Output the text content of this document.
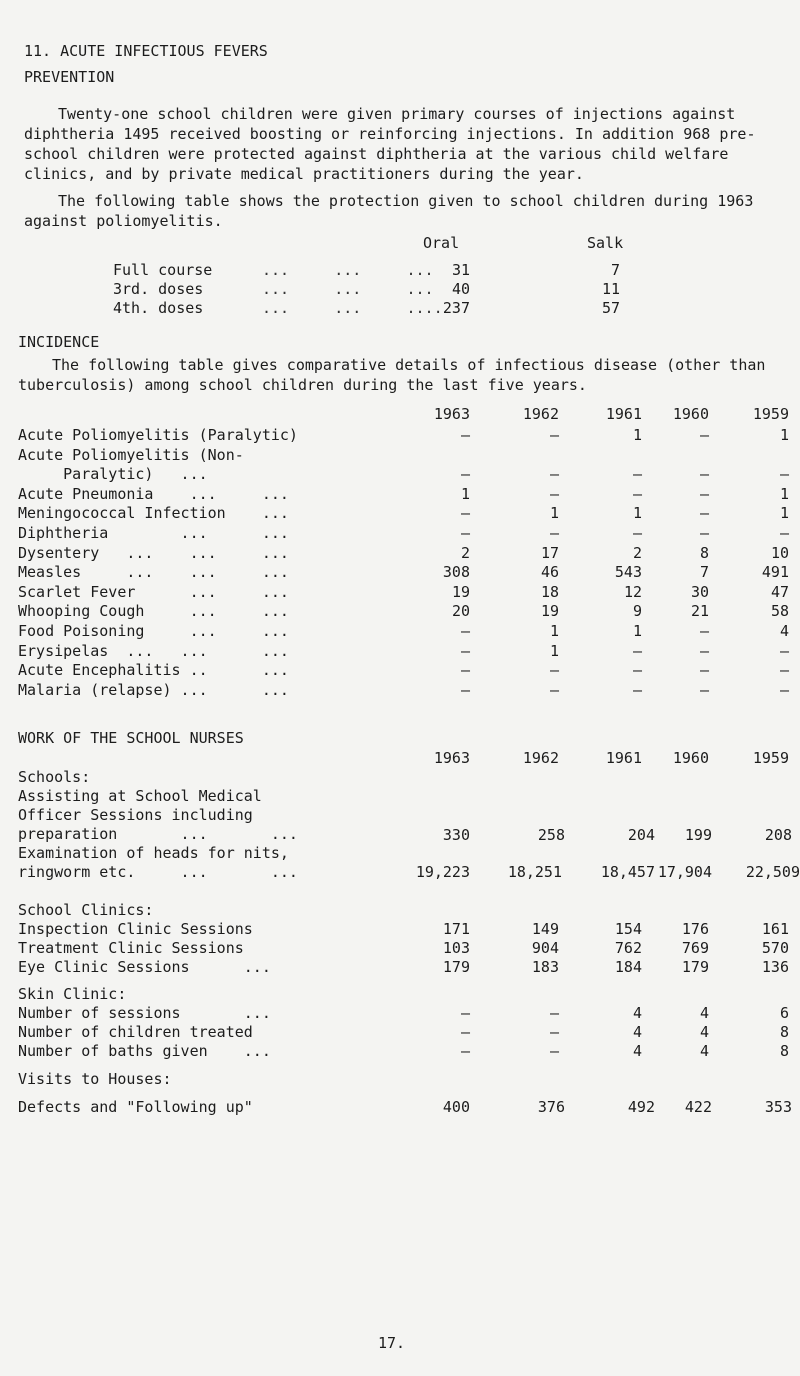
11. ACUTE INFECTIOUS FEVERS
PREVENTION
Twenty-one school children were given primary courses of injections against diphtheria 1495 received boosting or reinforcing injections. In addition 968 pre-school children were protected against diphtheria at the various child welfare clinics, and by private medical practitioners during the year.
The following table shows the protection given to school children during 1963 against poliomyelitis.
Oral	Salk
Full course	...     ...     ... 31	7
3rd. doses	...     ...     ... 40	11
4th. doses	...     ...     .... 237	57
INCIDENCE
The following table gives comparative details of infectious disease (other than tuberculosis) among school children during the last five years.
1963	1962	1961 1960	1959
Acute Poliomyelitis (Paralytic)	–	–	1	–	1
Acute Poliomyelitis (Non-
Paralytic)   ...	–	–	–	–	–
Acute Pneumonia    ...     ...	1	–	–	–	1
Meningococcal Infection    ...	–	1	1	–	1
Diphtheria        ...      ...	–	–	–	–	–
Dysentery   ...    ...     ...	2	17	2	8	10
Measles     ...    ...     ...	308	46	543	7	491
Scarlet Fever      ...     ...	19	18	12	30	47
Whooping Cough     ...     ...	20	19	9	21	58
Food Poisoning     ...     ...	–	1	1	–	4
Erysipelas  ...   ...      ...	–	1	–	–	–
Acute Encephalitis ..      ...	–	–	–	–	–
Malaria (relapse) ...      ...	–	–	–	–	–
WORK OF THE SCHOOL NURSES
1963	1962	1961 1960	1959
Schools:
Assisting at School Medical
Officer Sessions including
preparation       ...       ...	330	258	204 199	208
Examination of heads for nits,
ringworm etc.     ...       ...	19,223	18,251	18,457 17,904 22,509
School Clinics:
Inspection Clinic Sessions	171	149	154	176	161
Treatment Clinic Sessions	103	904	762	769	570
Eye Clinic Sessions      ...	179	183	184	179	136
Skin Clinic:
Number of sessions       ...	–	–	4	4	6
Number of children treated	–	–	4	4	8
Number of baths given    ...	–	–	4	4	8
Visits to Houses:
Defects and "Following up"	400	376	492 422	353
17.
